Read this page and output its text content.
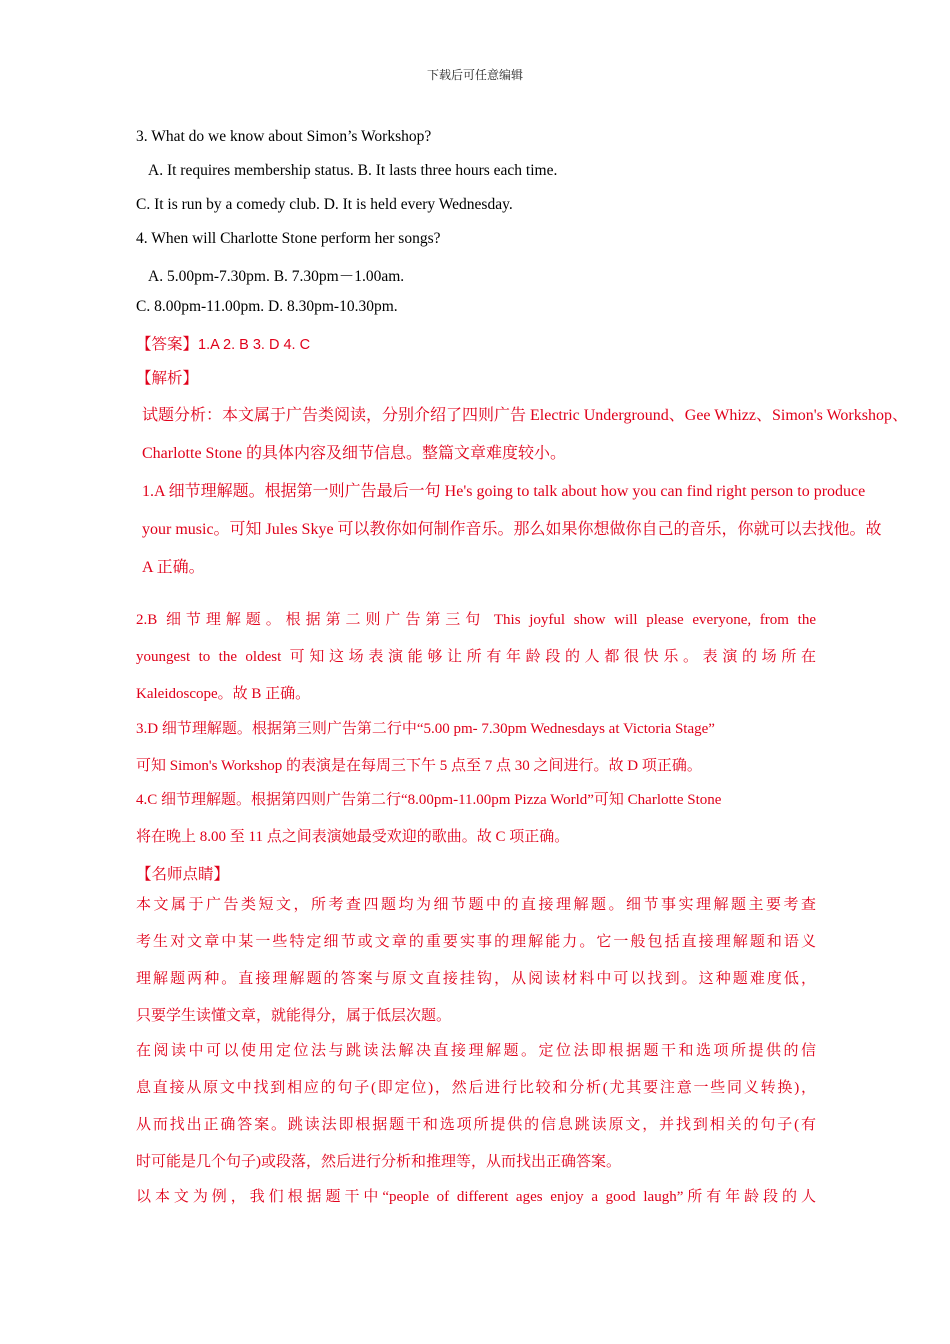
下载后可任意编辑
3. What do we know about Simon’s Workshop?
A. It requires membership status. B. It lasts three hours each time.
C. It is run by a comedy club. D. It is held every Wednesday.
4. When will Charlotte Stone perform her songs?
A. 5.00pm-7.30pm. B. 7.30pm－1.00am.
C. 8.00pm-11.00pm. D. 8.30pm-10.30pm.
【答案】1.A 2. B 3. D 4. C
【解析】
试题分析：本文属于广告类阅读，分别介绍了四则广告 Electric Underground、Gee Whizz、Simon's Workshop、
Charlotte Stone 的具体内容及细节信息。整篇文章难度较小。
1.A 细节理解题。根据第一则广告最后一句 He's going to talk about how you can find right person to produce
your music。可知 Jules Skye 可以教你如何制作音乐。那么如果你想做你自己的音乐，你就可以去找他。故
A 正确。

2.B 细节理解题。根据第二则广告第三句 This joyful show will please everyone, from the

youngest to the oldest 可知这场表演能够让所有年龄段的人都很快乐。表演的场所在

Kaleidoscope。故 B 正确。

3.D 细节理解题。根据第三则广告第二行中“5.00 pm- 7.30pm Wednesdays at Victoria Stage”

可知 Simon's Workshop 的表演是在每周三下午 5 点至 7 点 30 之间进行。故 D 项正确。

4.C 细节理解题。根据第四则广告第二行“8.00pm-11.00pm Pizza World”可知 Charlotte Stone

将在晚上 8.00 至 11 点之间表演她最受欢迎的歌曲。故 C 项正确。

【名师点睛】

本文属于广告类短文，所考查四题均为细节题中的直接理解题。细节事实理解题主要考查

考生对文章中某一些特定细节或文章的重要实事的理解能力。它一般包括直接理解题和语义

理解题两种。直接理解题的答案与原文直接挂钩，从阅读材料中可以找到。这种题难度低，

只要学生读懂文章，就能得分，属于低层次题。

在阅读中可以使用定位法与跳读法解决直接理解题。定位法即根据题干和选项所提供的信

息直接从原文中找到相应的句子(即定位)，然后进行比较和分析(尤其要注意一些同义转换)，

从而找出正确答案。跳读法即根据题干和选项所提供的信息跳读原文，并找到相关的句子(有

时可能是几个句子)或段落，然后进行分析和推理等，从而找出正确答案。

以本文为例，我们根据题干中“people of different ages enjoy a good laugh”所有年龄段的人
